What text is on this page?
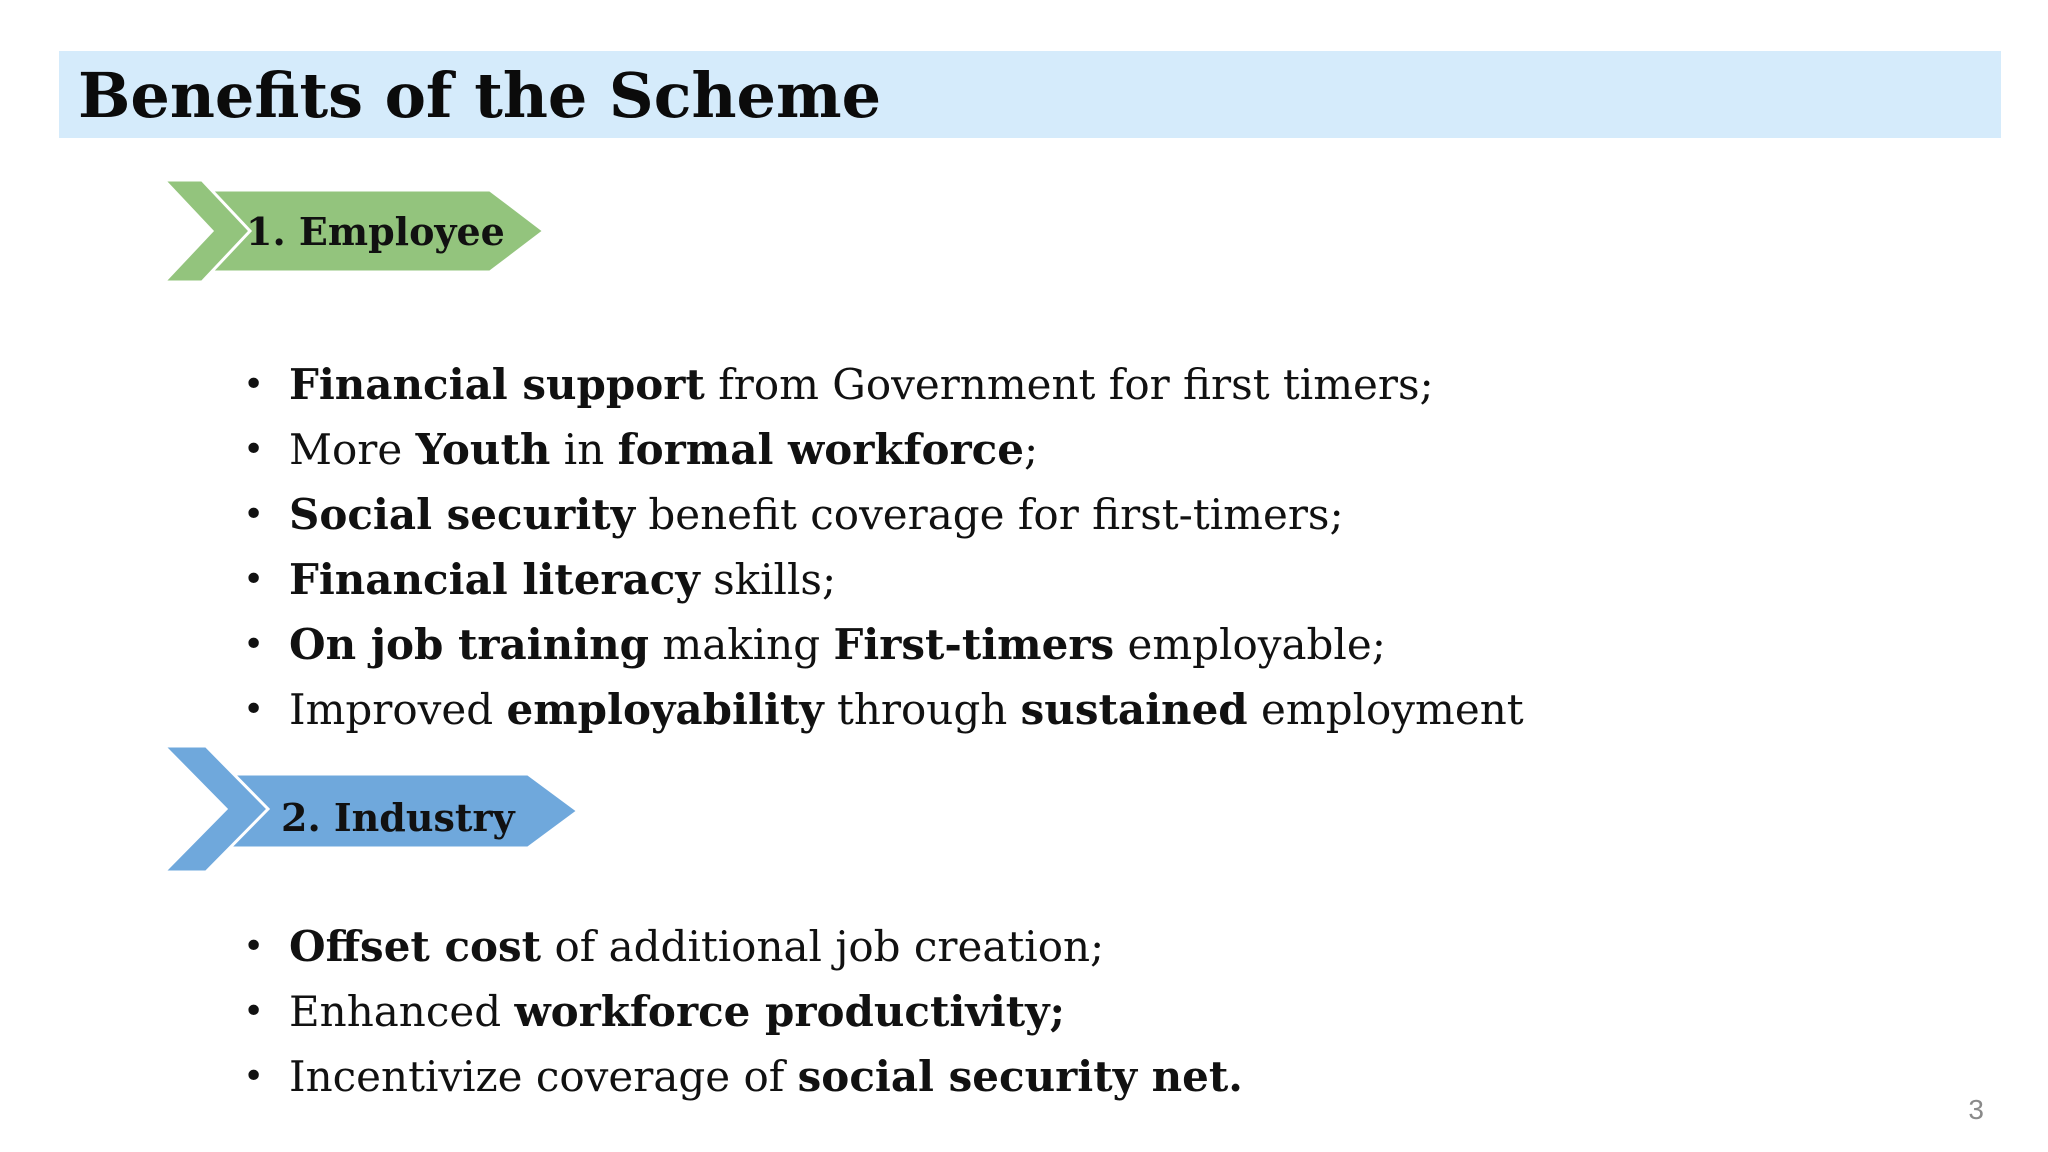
Benefits of the Scheme

1. Employee

• Financial support from Government for first timers;
• More Youth in formal workforce;
• Social security benefit coverage for first-timers;
• Financial literacy skills;
• On job training making First-timers employable;
• Improved employability through sustained employment

2. Industry

• Offset cost of additional job creation;
• Enhanced workforce productivity;
• Incentivize coverage of social security net.
3
